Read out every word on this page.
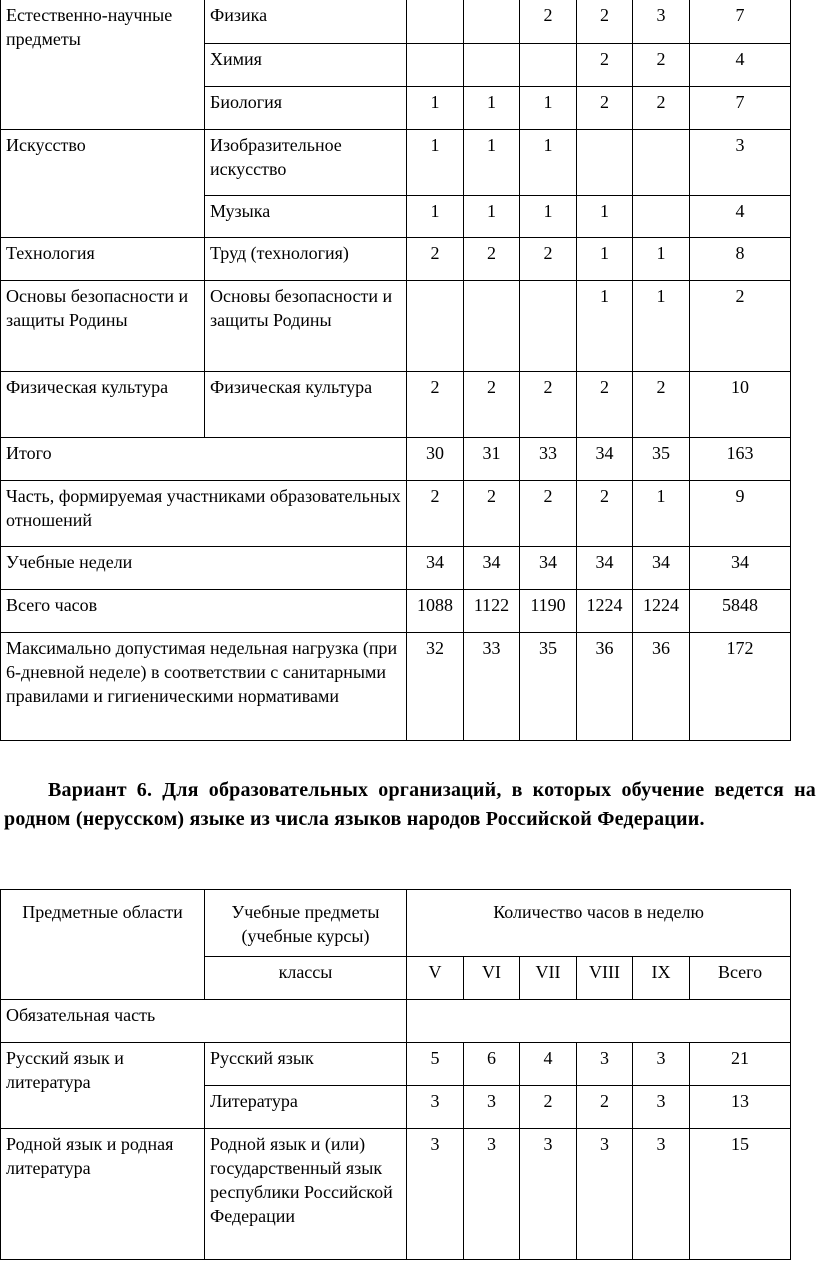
Естественно-научные предметы	Физика			2	2	3	7
	Химия				2	2	4
	Биология	1	1	1	2	2	7
Искусство	Изобразительное искусство	1	1	1			3
	Музыка	1	1	1	1		4
Технология	Труд (технология)	2	2	2	1	1	8
Основы безопасности и защиты Родины	Основы безопасности и защиты Родины				1	1	2
Физическая культура	Физическая культура	2	2	2	2	2	10
Итого		30	31	33	34	35	163
Часть, формируемая участниками образовательных отношений		2	2	2	2	1	9
Учебные недели		34	34	34	34	34	34
Всего часов		1088	1122	1190	1224	1224	5848
Максимально допустимая недельная нагрузка (при 6-дневной неделе) в соответствии с санитарными правилами и гигиеническими нормативами		32	33	35	36	36	172

Вариант 6. Для образовательных организаций, в которых обучение ведется на родном (нерусском) языке из числа языков народов Российской Федерации.

Предметные области	Учебные предметы (учебные курсы)	Количество часов в неделю					
	классы	V	VI	VII	VIII	IX	Всего
Обязательная часть							
Русский язык и литература	Русский язык	5	6	4	3	3	21
	Литература	3	3	2	2	3	13
Родной язык и родная литература	Родной язык и (или) государственный язык республики Российской Федерации	3	3	3	3	3	15
